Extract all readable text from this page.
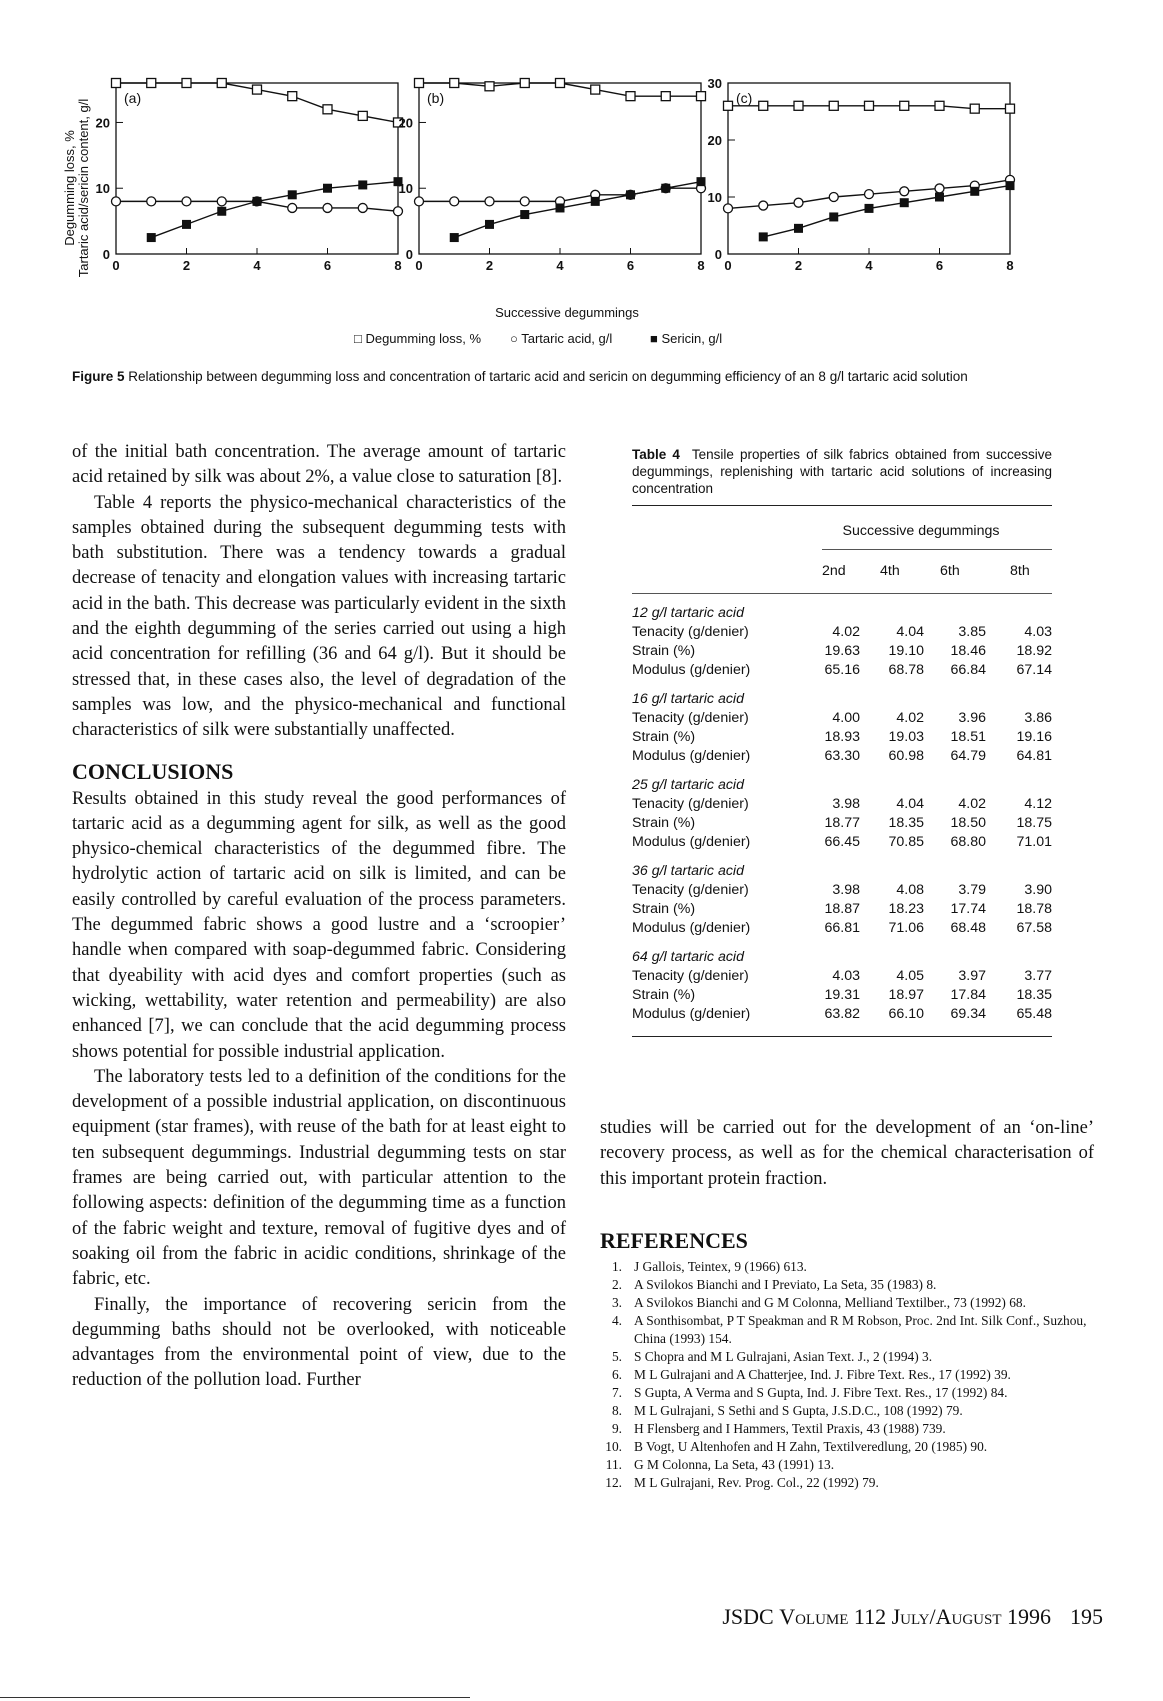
Degumming loss, % Tartaric acid/sericin content, g/l
(a)
0	2	4	6	8
0
10
20
(b)
0	2	4	6	8
0
10
20
(c)
0	2	4	6	8
0
10
20
30
Successive degummings
□ Degumming loss, % ○ Tartaric acid, g/l	■ Sericin, g/l
Figure 5 Relationship between degumming loss and concentration of tartaric acid and sericin on degumming efficiency of an 8 g/l tartaric acid solution

of the initial bath concentration. The average amount of tartaric acid retained by silk was about 2%, a value close to saturation [8].

Table 4 reports the physico-mechanical characteristics of the samples obtained during the subsequent degumming tests with bath substitution. There was a tendency towards a gradual decrease of tenacity and elongation values with increasing tartaric acid in the bath. This decrease was particularly evident in the sixth and the eighth degumming of the series carried out using a high acid concentration for refilling (36 and 64 g/l). But it should be stressed that, in these cases also, the level of degradation of the samples was low, and the physico-mechanical and functional characteristics of silk were substantially unaffected.

CONCLUSIONS

Results obtained in this study reveal the good performances of tartaric acid as a degumming agent for silk, as well as the good physico-chemical characteristics of the degummed fibre. The hydrolytic action of tartaric acid on silk is limited, and can be easily controlled by careful evaluation of the process parameters. The degummed fabric shows a good lustre and a ‘scroopier’ handle when compared with soap-degummed fabric. Considering that dyeability with acid dyes and comfort properties (such as wicking, wettability, water retention and permeability) are also enhanced [7], we can conclude that the acid degumming process shows potential for possible industrial application.

The laboratory tests led to a definition of the conditions for the development of a possible industrial application, on discontinuous equipment (star frames), with reuse of the bath for at least eight to ten subsequent degummings. Industrial degumming tests on star frames are being carried out, with particular attention to the following aspects: definition of the degumming time as a function of the fabric weight and texture, removal of fugitive dyes and of soaking oil from the fabric in acidic conditions, shrinkage of the fabric, etc.

Finally, the importance of recovering sericin from the degumming baths should not be overlooked, with noticeable advantages from the environmental point of view, due to the reduction of the pollution load. Further

Table 4 Tensile properties of silk fabrics obtained from successive degummings, replenishing with tartaric acid solutions of increasing concentration

	Successive degummings			

	2nd	4th	6th	8th

12 g/l tartaric acid				
Tenacity (g/denier)	4.02	4.04	3.85	4.03
Strain (%)	19.63	19.10	18.46	18.92
Modulus (g/denier)	65.16	68.78	66.84	67.14
16 g/l tartaric acid				
Tenacity (g/denier)	4.00	4.02	3.96	3.86
Strain (%)	18.93	19.03	18.51	19.16
Modulus (g/denier)	63.30	60.98	64.79	64.81
25 g/l tartaric acid				
Tenacity (g/denier)	3.98	4.04	4.02	4.12
Strain (%)	18.77	18.35	18.50	18.75
Modulus (g/denier)	66.45	70.85	68.80	71.01
36 g/l tartaric acid				
Tenacity (g/denier)	3.98	4.08	3.79	3.90
Strain (%)	18.87	18.23	17.74	18.78
Modulus (g/denier)	66.81	71.06	68.48	67.58
64 g/l tartaric acid				
Tenacity (g/denier)	4.03	4.05	3.97	3.77
Strain (%)	19.31	18.97	17.84	18.35
Modulus (g/denier)	63.82	66.10	69.34	65.48

studies will be carried out for the development of an ‘on-line’ recovery process, as well as for the chemical characterisation of this important protein fraction.

REFERENCES
1. J Gallois, Teintex, 9 (1966) 613.
2. A Svilokos Bianchi and I Previato, La Seta, 35 (1983) 8.
3. A Svilokos Bianchi and G M Colonna, Melliand Textilber., 73 (1992) 68.
4. A Sonthisombat, P T Speakman and R M Robson, Proc. 2nd Int. Silk Conf., Suzhou, China (1993) 154.
5. S Chopra and M L Gulrajani, Asian Text. J., 2 (1994) 3.
6. M L Gulrajani and A Chatterjee, Ind. J. Fibre Text. Res., 17 (1992) 39.
7. S Gupta, A Verma and S Gupta, Ind. J. Fibre Text. Res., 17 (1992) 84.
8. M L Gulrajani, S Sethi and S Gupta, J.S.D.C., 108 (1992) 79.
9. H Flensberg and I Hammers, Textil Praxis, 43 (1988) 739.
10. B Vogt, U Altenhofen and H Zahn, Textilveredlung, 20 (1985) 90.
11. G M Colonna, La Seta, 43 (1991) 13.
12. M L Gulrajani, Rev. Prog. Col., 22 (1992) 79.
JSDC Volume 112 July/August 1996 195
